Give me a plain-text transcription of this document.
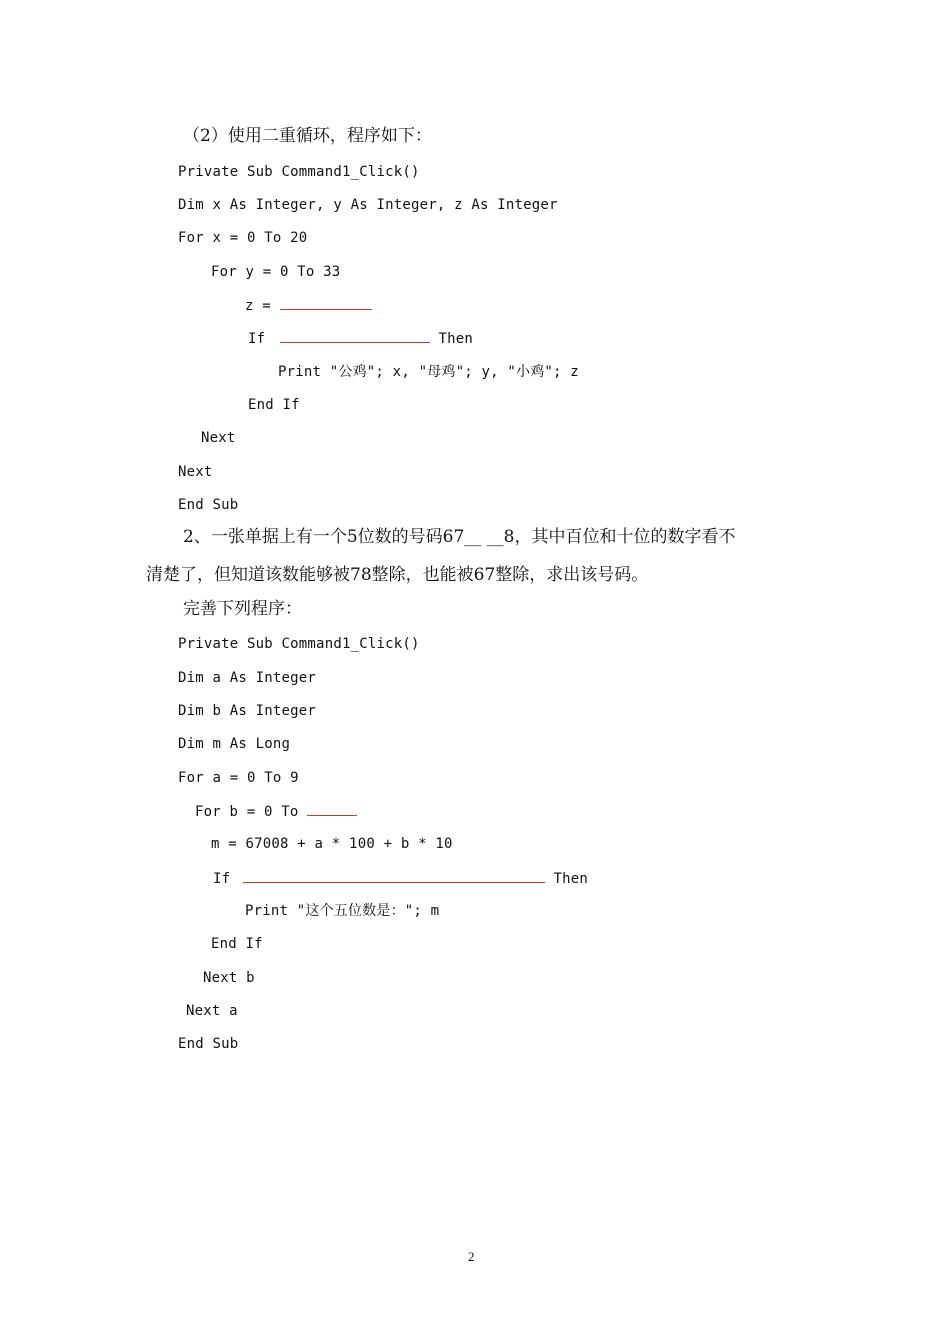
（2）使用二重循环，程序如下：
Private Sub Command1_Click()
Dim x As Integer, y As Integer, z As Integer
For x = 0 To 20
For y = 0 To 33
z =
If	Then
Print "公鸡"; x, "母鸡"; y, "小鸡"; z
End If
Next
Next
End Sub
2、一张单据上有一个5位数的号码67__ __8，其中百位和十位的数字看不
清楚了，但知道该数能够被78整除，也能被67整除，求出该号码。
完善下列程序：
Private Sub Command1_Click()
Dim a As Integer
Dim b As Integer
Dim m As Long
For a = 0 To 9
For b = 0 To
m = 67008 + a * 100 + b * 10
If	Then
Print "这个五位数是："; m
End If
Next b
Next a
End Sub
2
